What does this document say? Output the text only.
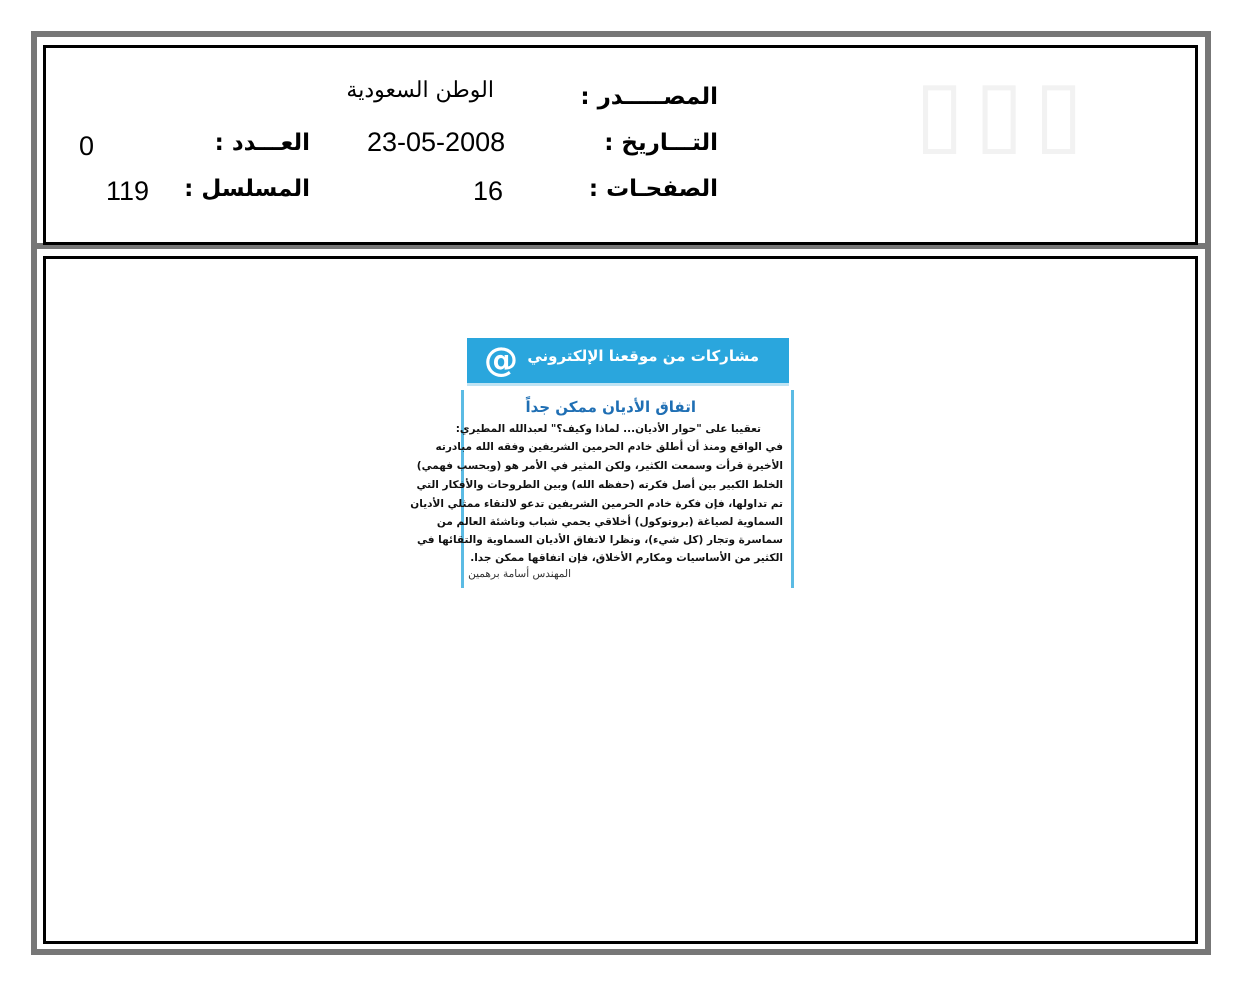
▯▯▯
الوطن السعودية	المصـــــدر :
23-05-2008	التـــاريخ :
0	العـــدد :
16	الصفحـات :
119 المسلسل :
@ مشاركات من موقعنا الإلكتروني
اتفاق الأديان ممكن جداً
تعقيبا على "حوار الأديان... لماذا وكيف؟" لعبدالله المطيري:
في الواقع ومنذ أن أطلق خادم الحرمين الشريفين وفقه الله مبادرته
الأخيرة قرأت وسمعت الكثير، ولكن المثير في الأمر هو (وبحسب فهمي)
الخلط الكبير بين أصل فكرته (حفظه الله) وبين الطروحات والأفكار التي
تم تداولها، فإن فكرة خادم الحرمين الشريفين تدعو لالتقاء ممثلي الأديان
السماوية لصياغة (بروتوكول) أخلاقي يحمي شباب وناشئة العالم من
سماسرة وتجار (كل شيء)، ونظرا لاتفاق الأديان السماوية والتقائها في
الكثير من الأساسيات ومكارم الأخلاق، فإن اتفاقها ممكن جدا.
المهندس أسامة برهمين
